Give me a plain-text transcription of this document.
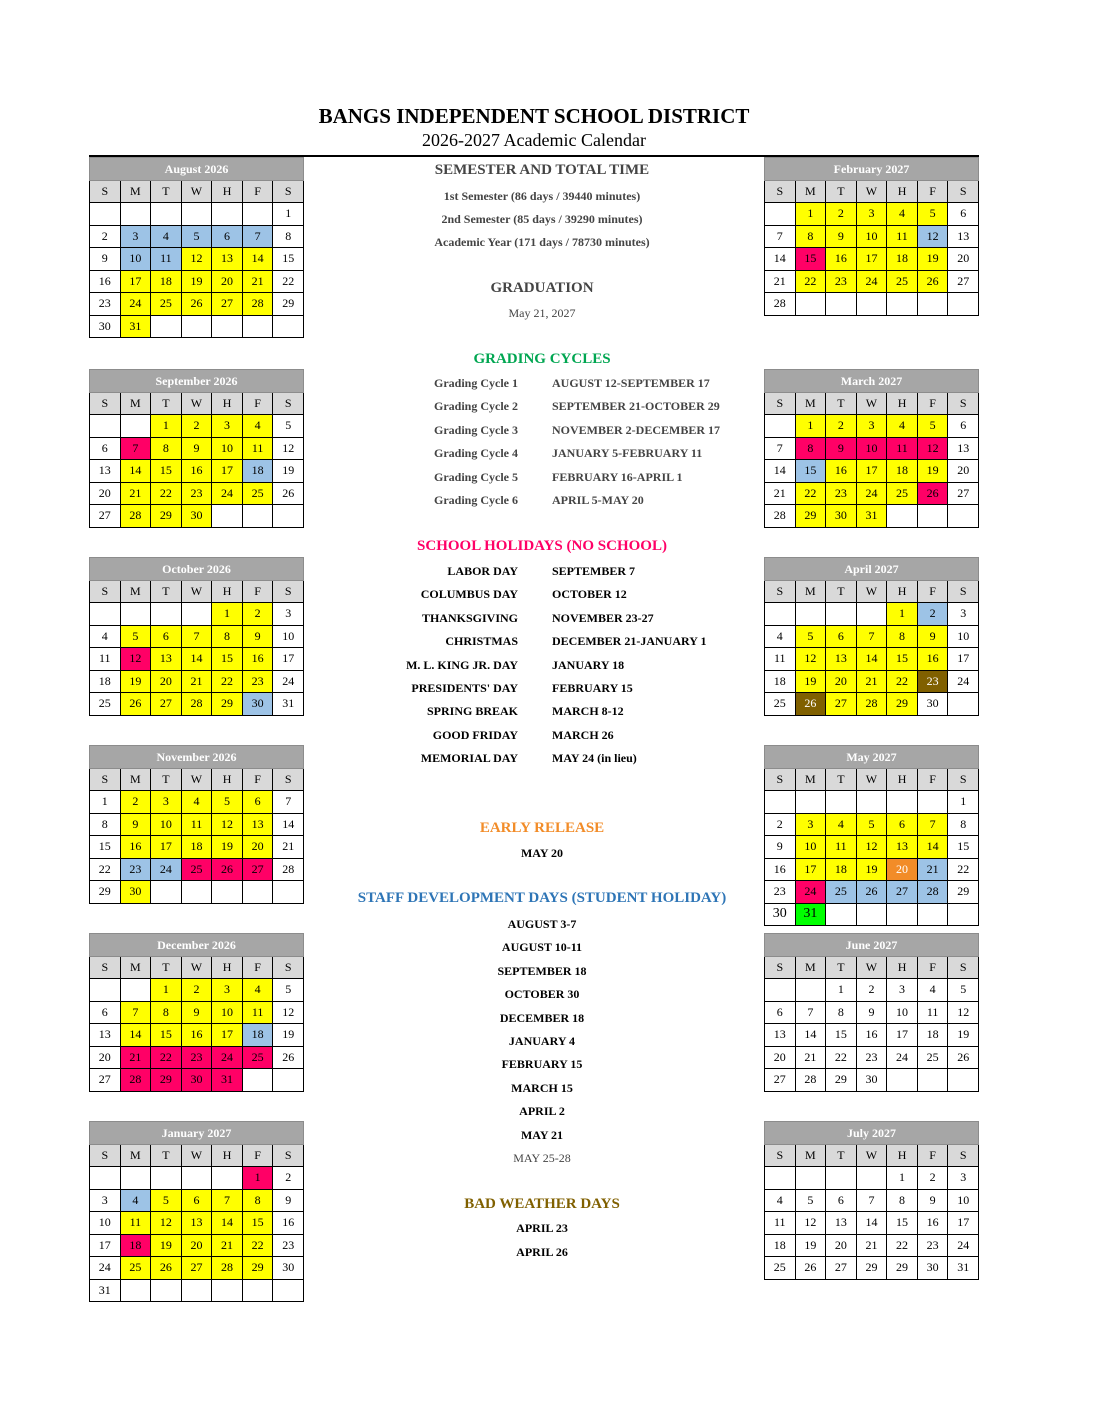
BANGS INDEPENDENT SCHOOL DISTRICT
2026-2027 Academic Calendar
August 2026						
S	M	T	W	H	F	S
						1
2	3	4	5	6	7	8
9	10	11	12	13	14	15
16	17	18	19	20	21	22
23	24	25	26	27	28	29
30	31					
September 2026						
S	M	T	W	H	F	S
		1	2	3	4	5
6	7	8	9	10	11	12
13	14	15	16	17	18	19
20	21	22	23	24	25	26
27	28	29	30			
October 2026						
S	M	T	W	H	F	S
				1	2	3
4	5	6	7	8	9	10
11	12	13	14	15	16	17
18	19	20	21	22	23	24
25	26	27	28	29	30	31
November 2026						
S	M	T	W	H	F	S
1	2	3	4	5	6	7
8	9	10	11	12	13	14
15	16	17	18	19	20	21
22	23	24	25	26	27	28
29	30					
December 2026						
S	M	T	W	H	F	S
		1	2	3	4	5
6	7	8	9	10	11	12
13	14	15	16	17	18	19
20	21	22	23	24	25	26
27	28	29	30	31		
January 2027						
S	M	T	W	H	F	S
					1	2
3	4	5	6	7	8	9
10	11	12	13	14	15	16
17	18	19	20	21	22	23
24	25	26	27	28	29	30
31						
February 2027						
S	M	T	W	H	F	S
	1	2	3	4	5	6
7	8	9	10	11	12	13
14	15	16	17	18	19	20
21	22	23	24	25	26	27
28						
March 2027						
S	M	T	W	H	F	S
	1	2	3	4	5	6
7	8	9	10	11	12	13
14	15	16	17	18	19	20
21	22	23	24	25	26	27
28	29	30	31			
April 2027						
S	M	T	W	H	F	S
				1	2	3
4	5	6	7	8	9	10
11	12	13	14	15	16	17
18	19	20	21	22	23	24
25	26	27	28	29	30	
May 2027						
S	M	T	W	H	F	S
						1
2	3	4	5	6	7	8
9	10	11	12	13	14	15
16	17	18	19	20	21	22
23	24	25	26	27	28	29
30	31					
June 2027						
S	M	T	W	H	F	S
		1	2	3	4	5
6	7	8	9	10	11	12
13	14	15	16	17	18	19
20	21	22	23	24	25	26
27	28	29	30			
July 2027						
S	M	T	W	H	F	S
				1	2	3
4	5	6	7	8	9	10
11	12	13	14	15	16	17
18	19	20	21	22	23	24
25	26	27	29	29	30	31
SEMESTER AND TOTAL TIME
1st Semester (86 days / 39440 minutes)
2nd Semester (85 days / 39290 minutes)
Academic Year (171 days / 78730 minutes)
GRADUATION
May 21, 2027
GRADING CYCLES
Grading Cycle 1	AUGUST 12-SEPTEMBER 17
Grading Cycle 2	SEPTEMBER 21-OCTOBER 29
Grading Cycle 3	NOVEMBER 2-DECEMBER 17
Grading Cycle 4	JANUARY 5-FEBRUARY 11
Grading Cycle 5	FEBRUARY 16-APRIL 1
Grading Cycle 6	APRIL 5-MAY 20
SCHOOL HOLIDAYS (NO SCHOOL)
LABOR DAY	SEPTEMBER 7
COLUMBUS DAY	OCTOBER 12
THANKSGIVING	NOVEMBER 23-27
CHRISTMAS	DECEMBER 21-JANUARY 1
M. L. KING JR. DAY	JANUARY 18
PRESIDENTS' DAY	FEBRUARY 15
SPRING BREAK	MARCH 8-12
GOOD FRIDAY	MARCH 26
MEMORIAL DAY	MAY 24 (in lieu)
EARLY RELEASE
MAY 20
STAFF DEVELOPMENT DAYS (STUDENT HOLIDAY)
AUGUST 3-7
AUGUST 10-11
SEPTEMBER 18
OCTOBER 30
DECEMBER 18
JANUARY 4
FEBRUARY 15
MARCH 15
APRIL 2
MAY 21
MAY 25-28
BAD WEATHER DAYS
APRIL 23
APRIL 26
